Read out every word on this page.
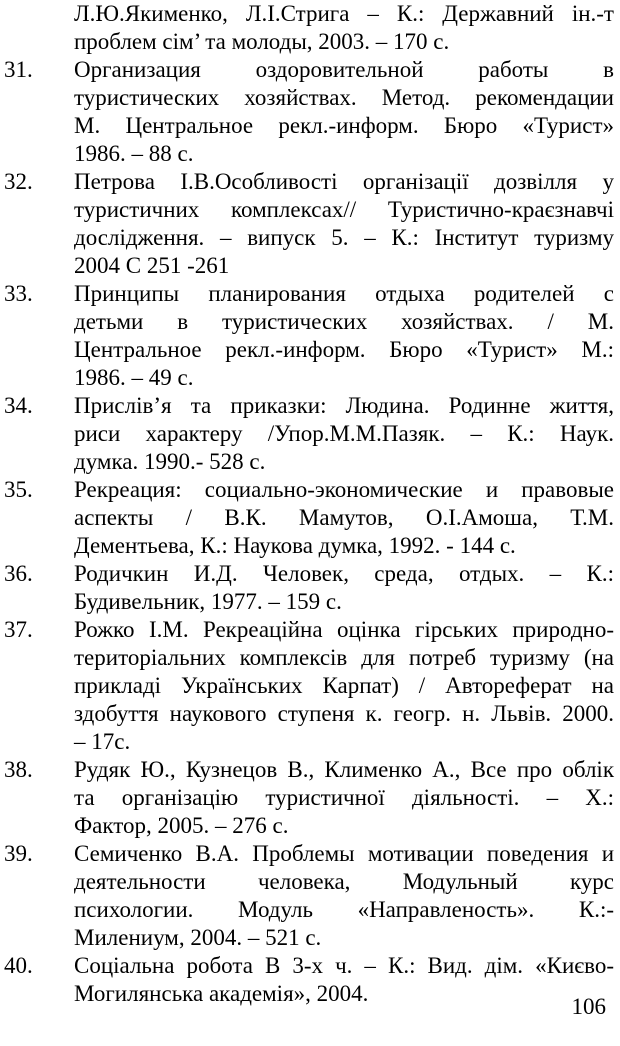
Л.Ю.Якименко, Л.І.Стрига – К.: Державний ін.-т
проблем сім’ та молоды, 2003. – 170 с.
31. Организация оздоровительной работы в
туристических хозяйствах. Метод. рекомендации
М. Центральное рекл.-информ. Бюро «Турист»
1986. – 88 с.
32. Петрова І.В.Особливості організації дозвілля у
туристичних комплексах// Туристично-краєзнавчі
дослідження. – випуск 5. – К.: Інститут туризму
2004 С 251 -261
33. Принципы планирования отдыха родителей с
детьми в туристических хозяйствах. / М.
Центральное рекл.-информ. Бюро «Турист» М.:
1986. – 49 с.
34. Прислів’я та приказки: Людина. Родинне життя,
риси характеру /Упор.М.М.Пазяк. – К.: Наук.
думка. 1990.- 528 с.
35. Рекреация: социально-экономические и правовые
аспекты / В.К. Мамутов, О.І.Амоша, Т.М.
Дементьева, К.: Наукова думка, 1992. - 144 с.
36. Родичкин И.Д. Человек, среда, отдых. – К.:
Будивельник, 1977. – 159 с.
37. Рожко І.М. Рекреаційна оцінка гірських природно-
територіальних комплексів для потреб туризму (на
прикладі Українських Карпат) / Автореферат на
здобуття наукового ступеня к. геогр. н. Львів. 2000.
– 17с.
38. Рудяк Ю., Кузнецов В., Клименко А., Все про облік
та організацію туристичної діяльності. – Х.:
Фактор, 2005. – 276 с.
39. Семиченко В.А. Проблемы мотивации поведения и
деятельности человека, Модульный курс
психологии. Модуль «Направленость». К.:-
Милениум, 2004. – 521 с.
40. Соціальна робота В 3-х ч. – К.: Вид. дім. «Києво-
Могилянська академія», 2004.
106
